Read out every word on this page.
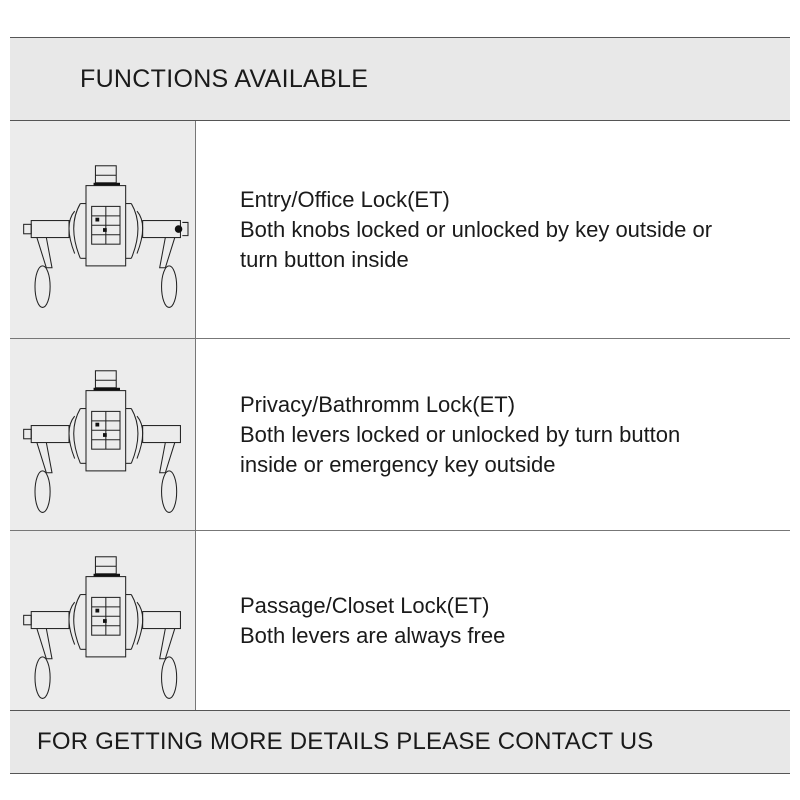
FUNCTIONS AVAILABLE
Entry/Office Lock(ET)
Both knobs locked or unlocked by key outside or
turn button inside
Privacy/Bathromm Lock(ET)
Both levers locked or unlocked by turn button
inside or emergency key outside
Passage/Closet Lock(ET)
Both levers are always free
FOR GETTING MORE DETAILS PLEASE CONTACT US
